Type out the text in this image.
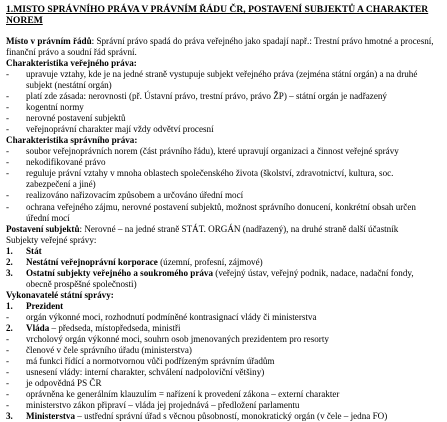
1.MISTO SPRÁVNÍHO PRÁVA V PRÁVNÍM ŘÁDU ČR, POSTAVENÍ SUBJEKTŮ A CHARAKTER
NOREM
Místo v právním řádů: Správní právo spadá do práva veřejného jako spadají např.: Trestní právo hmotné a procesní, finanční právo a soudní řád správní.
Charakteristika veřejného práva:
-	upravuje vztahy, kde je na jedné straně vystupuje subjekt veřejného práva (zejména státní orgán) a na druhé subjekt (nestátní orgán)
-	platí zde zásada: nerovnosti (př. Ústavní právo, trestní právo, právo ŽP) – státní orgán je nadřazený
-	kogentní normy
-	nerovné postavení subjektů
-	veřejnoprávní charakter mají vždy odvětví procesní
Charakteristika správního práva:
-	soubor veřejnoprávních norem (část právního řádu), které upravují organizaci a činnost veřejné správy
-	nekodifikované právo
-	reguluje právní vztahy v mnoha oblastech společenského života (školství, zdravotnictví, kultura, soc. zabezpečení a jiné)
-	realizováno nařizovacím způsobem a určováno úřední mocí
-	ochrana veřejného zájmu, nerovné postavení subjektů, možnost správního donucení, konkrétní obsah určen úřední mocí
Postavení subjektů: Nerovné – na jedné straně STÁT. ORGÁN (nadřazený), na druhé straně další účastník
Subjekty veřejné správy:
1.	Stát
2.	Nestátní veřejnoprávní korporace (územní, profesní, zájmové)
3.	Ostatní subjekty veřejného a soukromého práva (veřejný ústav, veřejný podnik, nadace, nadační fondy, obecně prospěšné společnosti)
Vykonavatelé státní správy:
1.	Prezident
-	orgán výkonné moci, rozhodnutí podmíněné kontrasignací vlády či ministerstva
2.	Vláda – předseda, místopředseda, ministři
-	vrcholový orgán výkonné moci, souhrn osob jmenovaných prezidentem pro resorty
-	členové v čele správního úřadu (ministerstva)
-	má funkci řídící a normotvornou vůči podřízeným správním úřadům
-	usnesení vlády: interní charakter, schválení nadpoloviční většiny)
-	je odpovědná PS ČR
-	oprávněna ke generálním klauzulím = nařízení k provedení zákona – externí charakter
-	ministerstvo zákon připraví – vláda jej projednává – předložení parlamentu
3.	Ministerstva – ustřední správní úřad s věcnou působností, monokratický orgán (v čele – jedna FO)
